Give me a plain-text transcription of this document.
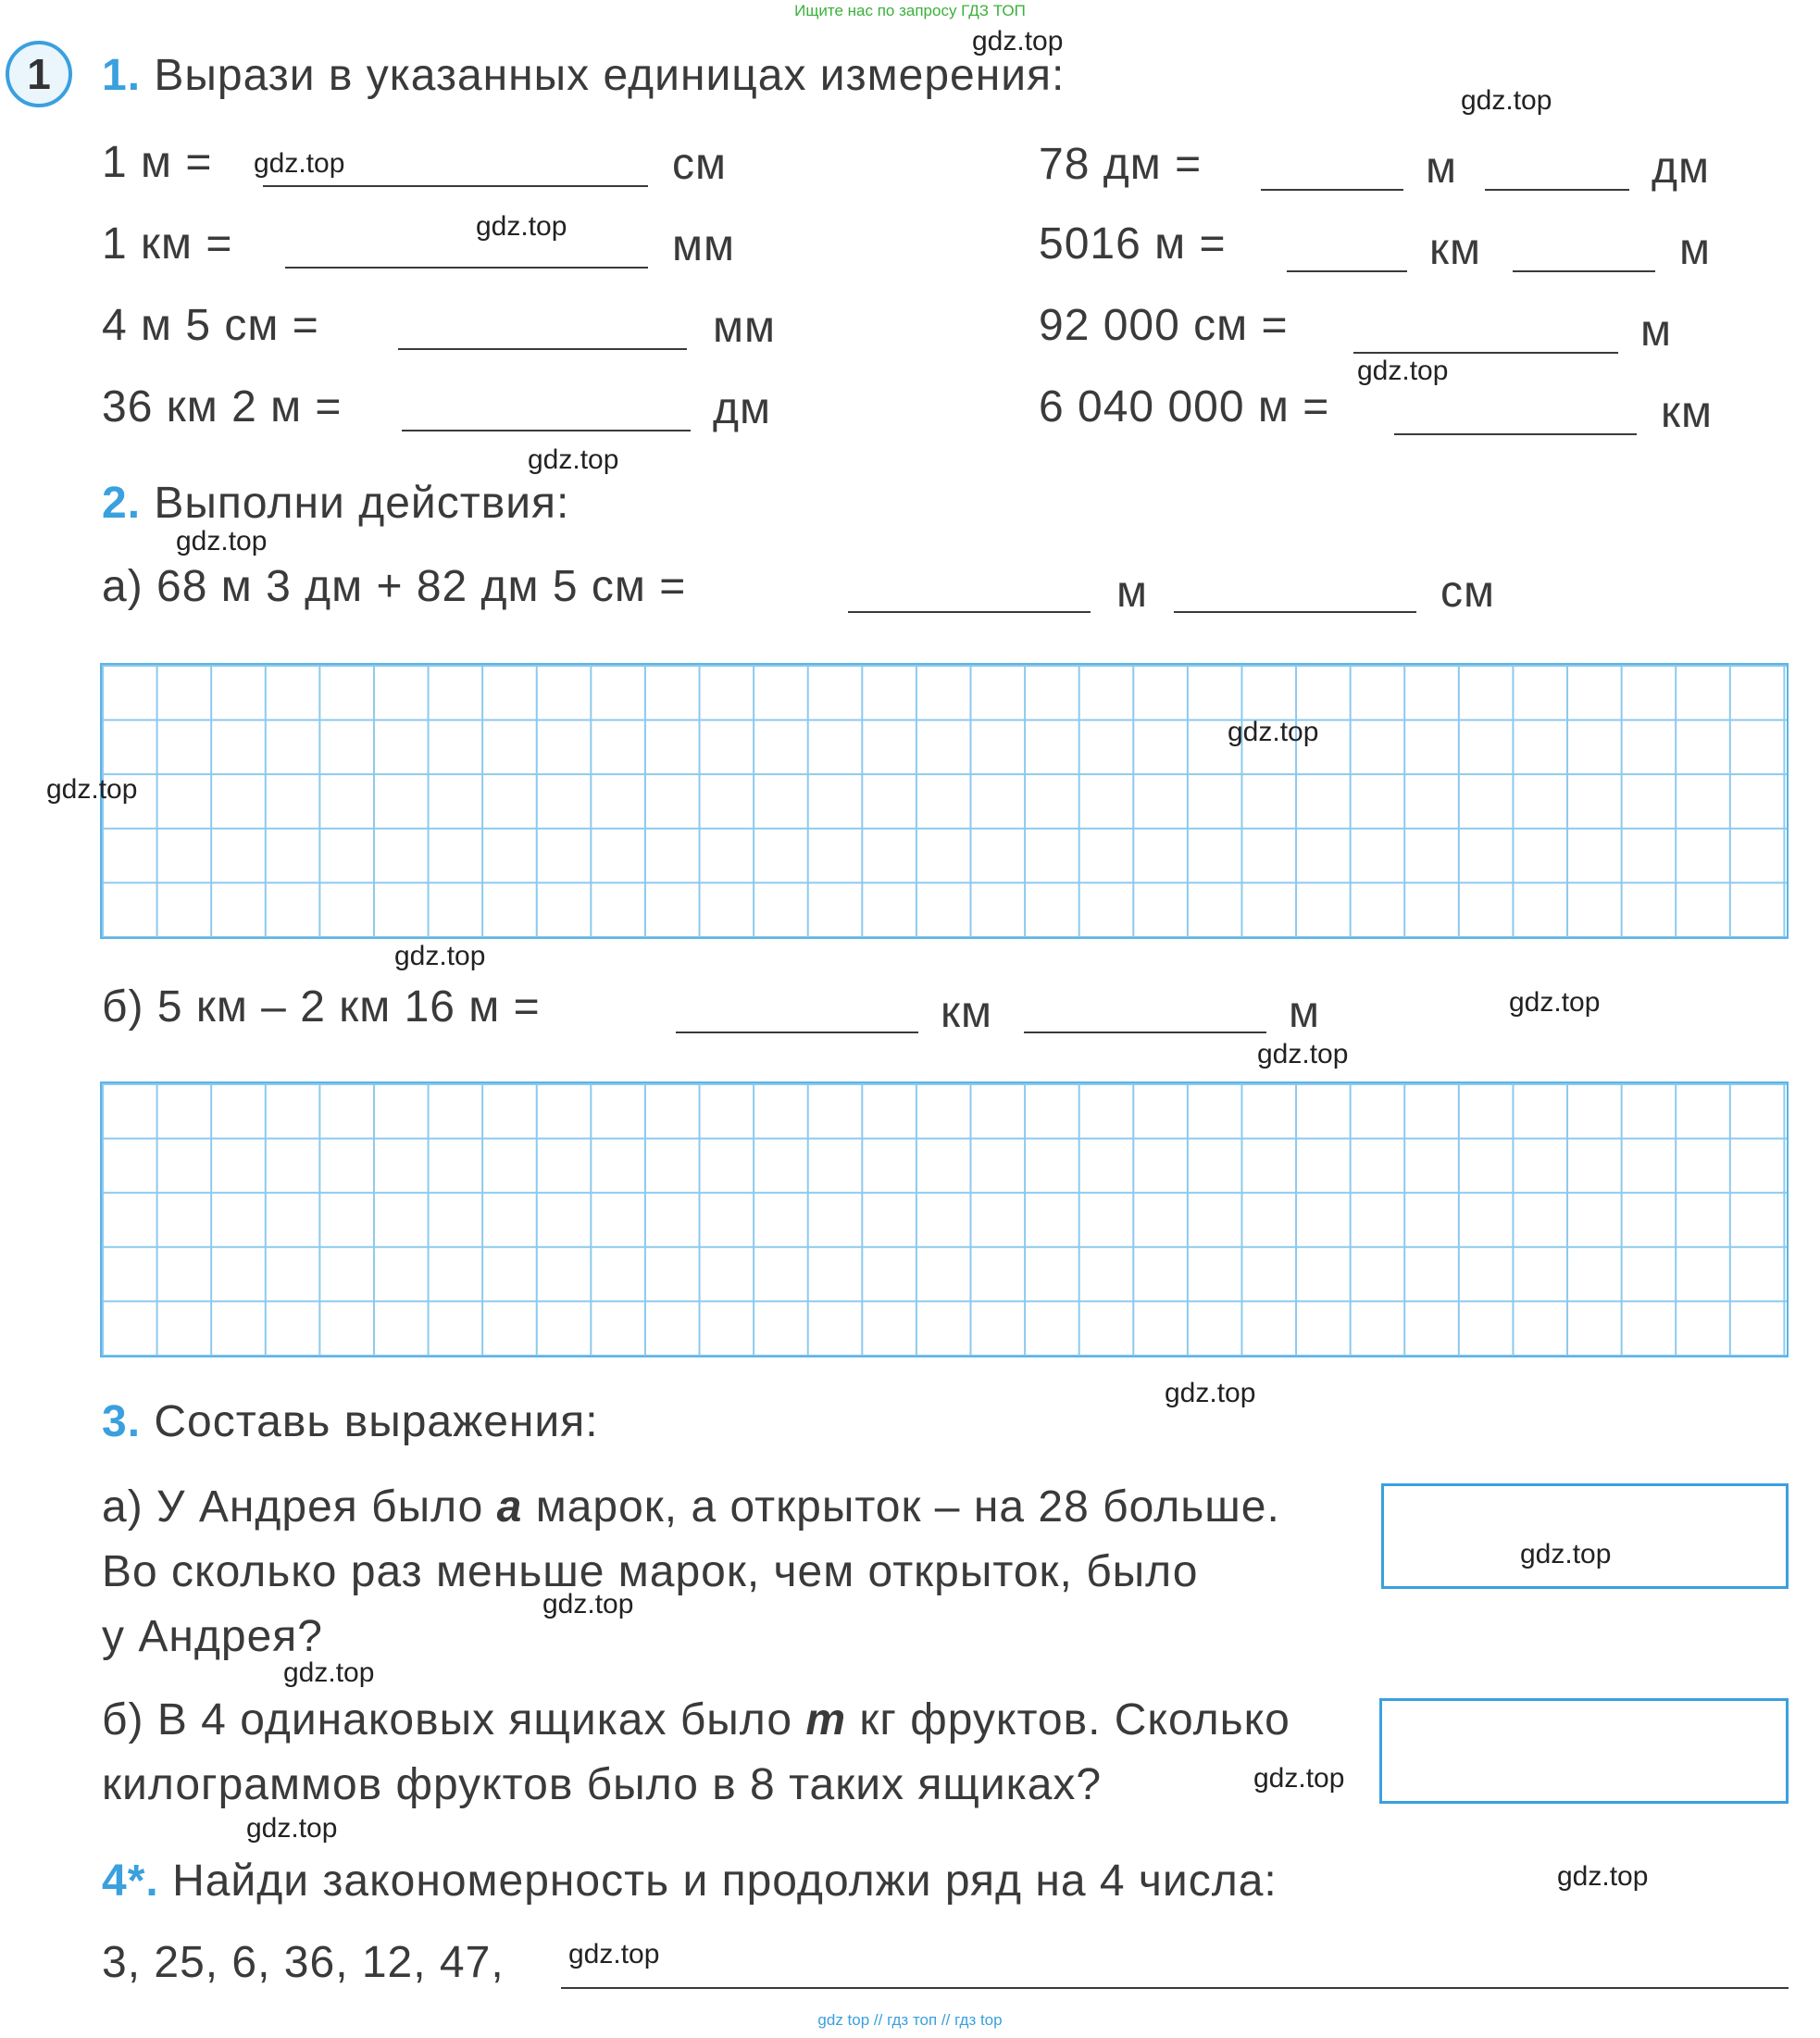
Ищите нас по запросу ГДЗ ТОП
gdz top // гдз топ // гдз top
1	1. Вырази в указанных единицах измерения:
1 м =	см
1 км =	мм
4 м 5 см =	мм
36 км 2 м =	дм
78 дм =	м	дм
5016 м =	км	м
92 000 см =	м
6 040 000 м =	км
2. Выполни действия:
а) 68 м 3 дм + 82 дм 5 см =	м	см
б) 5 км – 2 км 16 м =	км	м
3. Составь выражения:
а) У Андрея было a марок, а открыток – на 28 больше.
Во сколько раз меньше марок, чем открыток, было
у Андрея?
б) В 4 одинаковых ящиках было m кг фруктов. Сколько
килограммов фруктов было в 8 таких ящиках?
4*. Найди закономерность и продолжи ряд на 4 числа:
3, 25, 6, 36, 12, 47,
gdz.top
gdz.top
gdz.top
gdz.top
gdz.top
gdz.top
gdz.top
gdz.top
gdz.top
gdz.top
gdz.top
gdz.top
gdz.top
gdz.top
gdz.top
gdz.top
gdz.top
gdz.top
gdz.top
gdz.top
